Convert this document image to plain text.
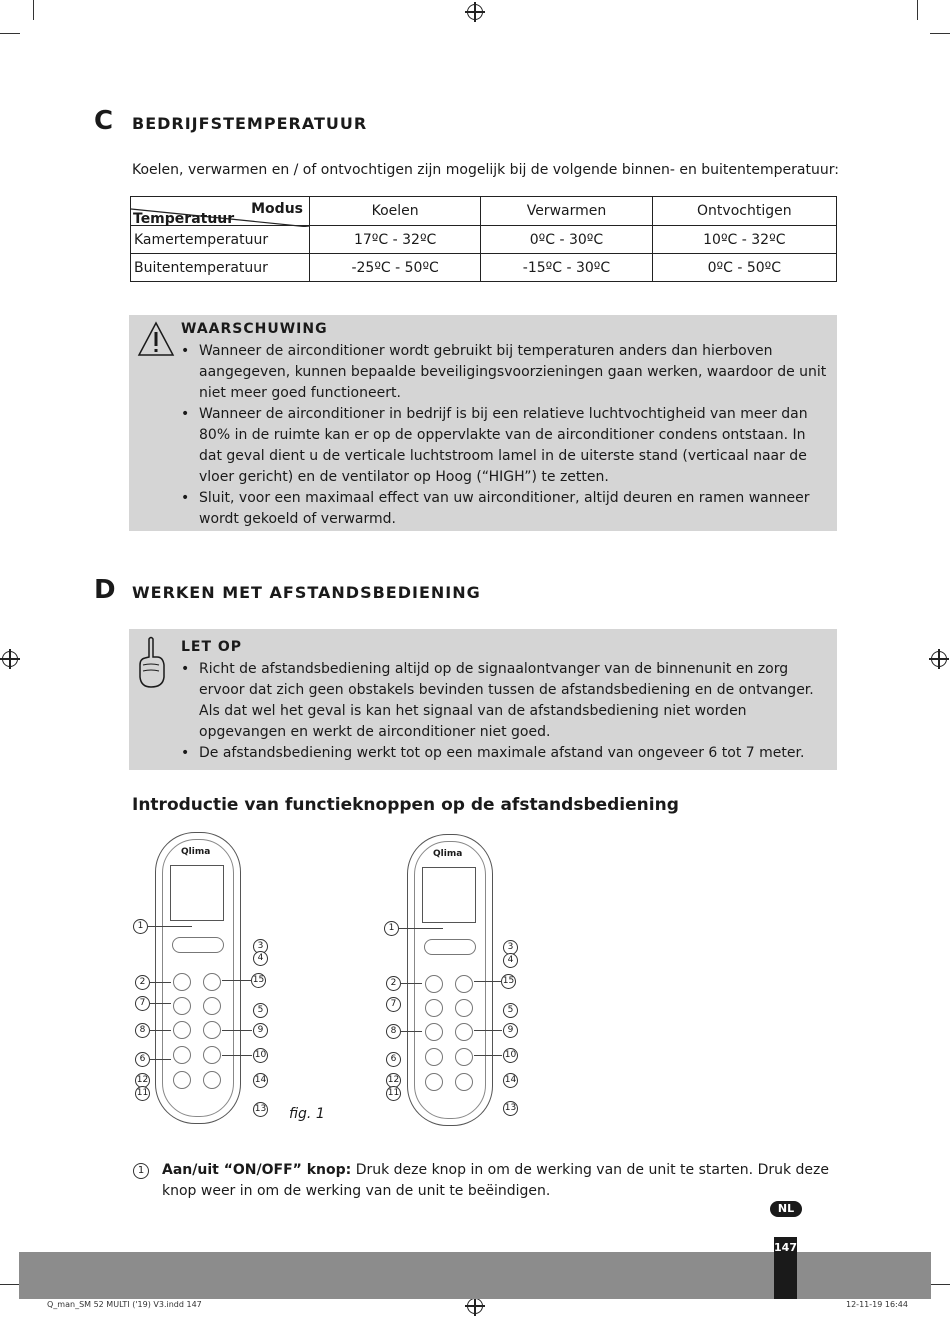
C BEDRIJFSTEMPERATUUR
Koelen, verwarmen en / of ontvochtigen zijn mogelijk bij de volgende binnen- en buitentemperatuur:
Modus
Temperatuur	Koelen	Verwarmen	Ontvochtigen
Kamertemperatuur	17ºC - 32ºC	0ºC - 30ºC	10ºC - 32ºC
Buitentemperatuur	-25ºC - 50ºC	-15ºC - 30ºC	0ºC - 50ºC
WAARSCHUWING
• Wanneer de airconditioner wordt gebruikt bij temperaturen anders dan hierboven aangegeven, kunnen bepaalde beveiligingsvoorzieningen gaan werken, waardoor de unit niet meer goed functioneert.
• Wanneer de airconditioner in bedrijf is bij een relatieve luchtvochtigheid van meer dan 80% in de ruimte kan er op de oppervlakte van de airconditioner condens ontstaan. In dat geval dient u de verticale luchtstroom lamel in de uiterste stand (verticaal naar de vloer gericht) en de ventilator op Hoog (“HIGH”) te zetten.
• Sluit, voor een maximaal effect van uw airconditioner, altijd deuren en ramen wanneer wordt gekoeld of verwarmd.
D WERKEN MET AFSTANDSBEDIENING
LET OP
• Richt de afstandsbediening altijd op de signaalontvanger van de binnenunit en zorg ervoor dat zich geen obstakels bevinden tussen de afstandsbediening en de ontvanger. Als dat wel het geval is kan het signaal van de afstandsbediening niet worden opgevangen en werkt de airconditioner niet goed.
• De afstandsbediening werkt tot op een maximale afstand van ongeveer 6 tot 7 meter.
Introductie van functieknoppen op de afstandsbediening
Qlima	Qlima
1
2
7
8
6
12
11
3
4
15
5
9
10
14
13
1
2
7
8
6
12
11
3
4
15
5
9
10
14
13
fig. 1
1	Aan/uit “ON/OFF” knop: Druk deze knop in om de werking van de unit te starten. Druk deze knop weer in om de werking van de unit te beëindigen.
NL
147
Q_man_SM 52 MULTI ('19) V3.indd 147	12-11-19 16:44
